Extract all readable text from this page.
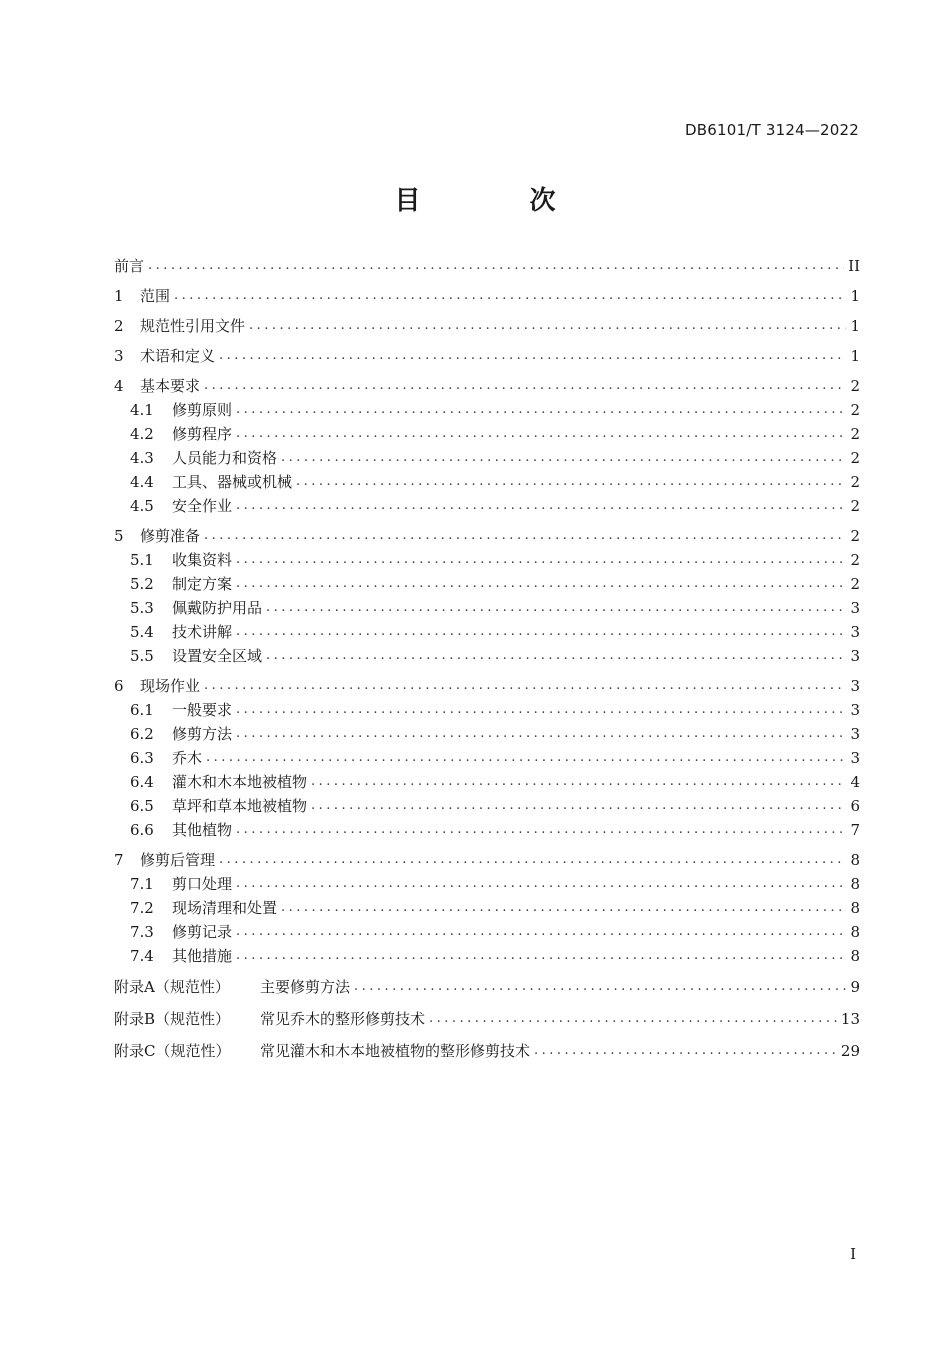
DB6101/T 3124—2022
目 次
前言 .....	II
1	范围 .....	1
2	规范性引用文件 .....	1
3	术语和定义 .....	1
4	基本要求 .....	2
4.1	修剪原则 .....	2
4.2	修剪程序 .....	2
4.3	人员能力和资格 .....	2
4.4	工具、器械或机械 .....	2
4.5	安全作业 .....	2
5	修剪准备 .....	2
5.1	收集资料 .....	2
5.2	制定方案 .....	2
5.3	佩戴防护用品 .....	3
5.4	技术讲解 .....	3
5.5	设置安全区域 .....	3
6	现场作业 .....	3
6.1	一般要求 .....	3
6.2	修剪方法 .....	3
6.3	乔木 .....	3
6.4	灌木和木本地被植物 .....	4
6.5	草坪和草本地被植物 .....	6
6.6	其他植物 .....	7
7	修剪后管理 .....	8
7.1	剪口处理 .....	8
7.2	现场清理和处置 .....	8
7.3	修剪记录 .....	8
7.4	其他措施 .....	8
附录A（规范性）	主要修剪方法 .....	9
附录B（规范性）	常见乔木的整形修剪技术 .....	13
附录C（规范性）	常见灌木和木本地被植物的整形修剪技术 .....	29
I
